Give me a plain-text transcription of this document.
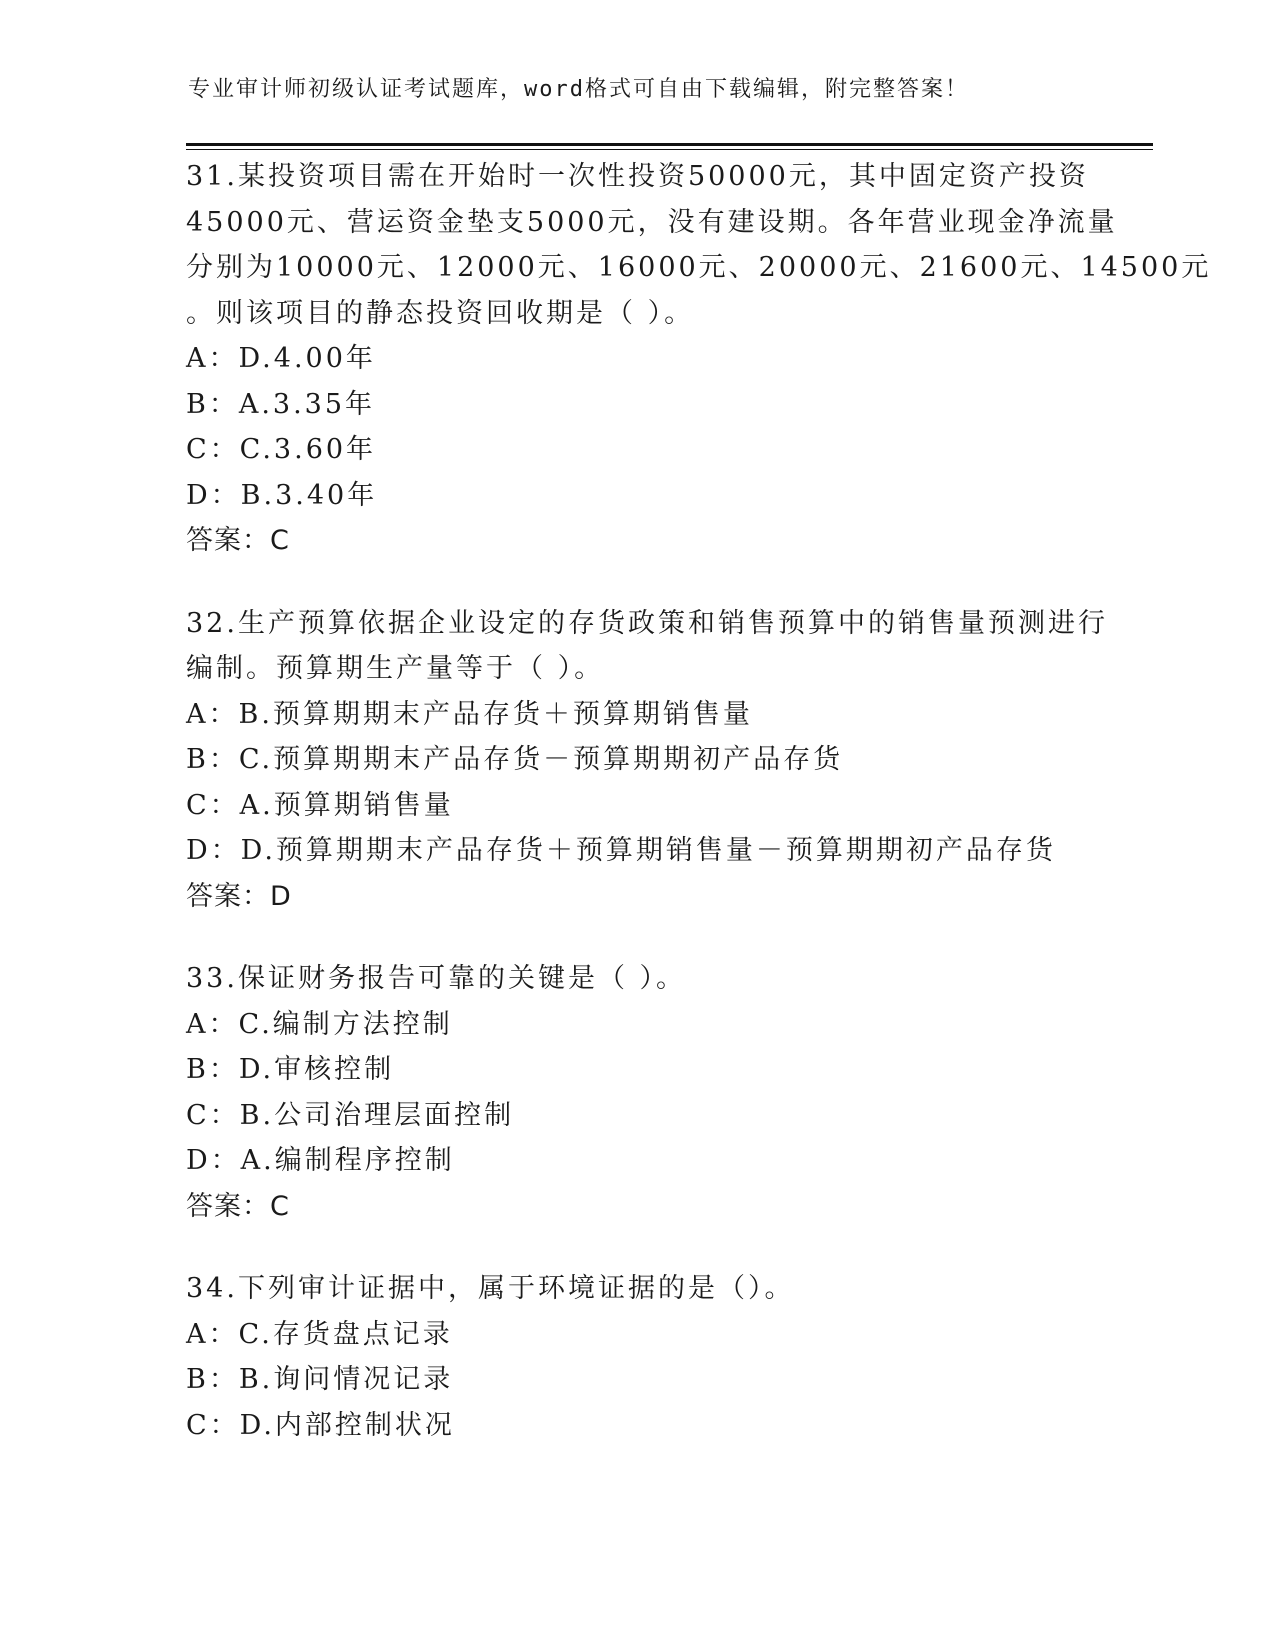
专业审计师初级认证考试题库，word格式可自由下载编辑，附完整答案！
31.某投资项目需在开始时一次性投资50000元，其中固定资产投资
45000元、营运资金垫支5000元，没有建设期。各年营业现金净流量
分别为10000元、12000元、16000元、20000元、21600元、14500元
。则该项目的静态投资回收期是（ ）。
A：D.4.00年
B：A.3.35年
C：C.3.60年
D：B.3.40年
答案：C
32.生产预算依据企业设定的存货政策和销售预算中的销售量预测进行
编制。预算期生产量等于（ ）。
A：B.预算期期末产品存货＋预算期销售量
B：C.预算期期末产品存货－预算期期初产品存货
C：A.预算期销售量
D：D.预算期期末产品存货＋预算期销售量－预算期期初产品存货
答案：D
33.保证财务报告可靠的关键是（ ）。
A：C.编制方法控制
B：D.审核控制
C：B.公司治理层面控制
D：A.编制程序控制
答案：C
34.下列审计证据中，属于环境证据的是（）。
A：C.存货盘点记录
B：B.询问情况记录
C：D.内部控制状况
